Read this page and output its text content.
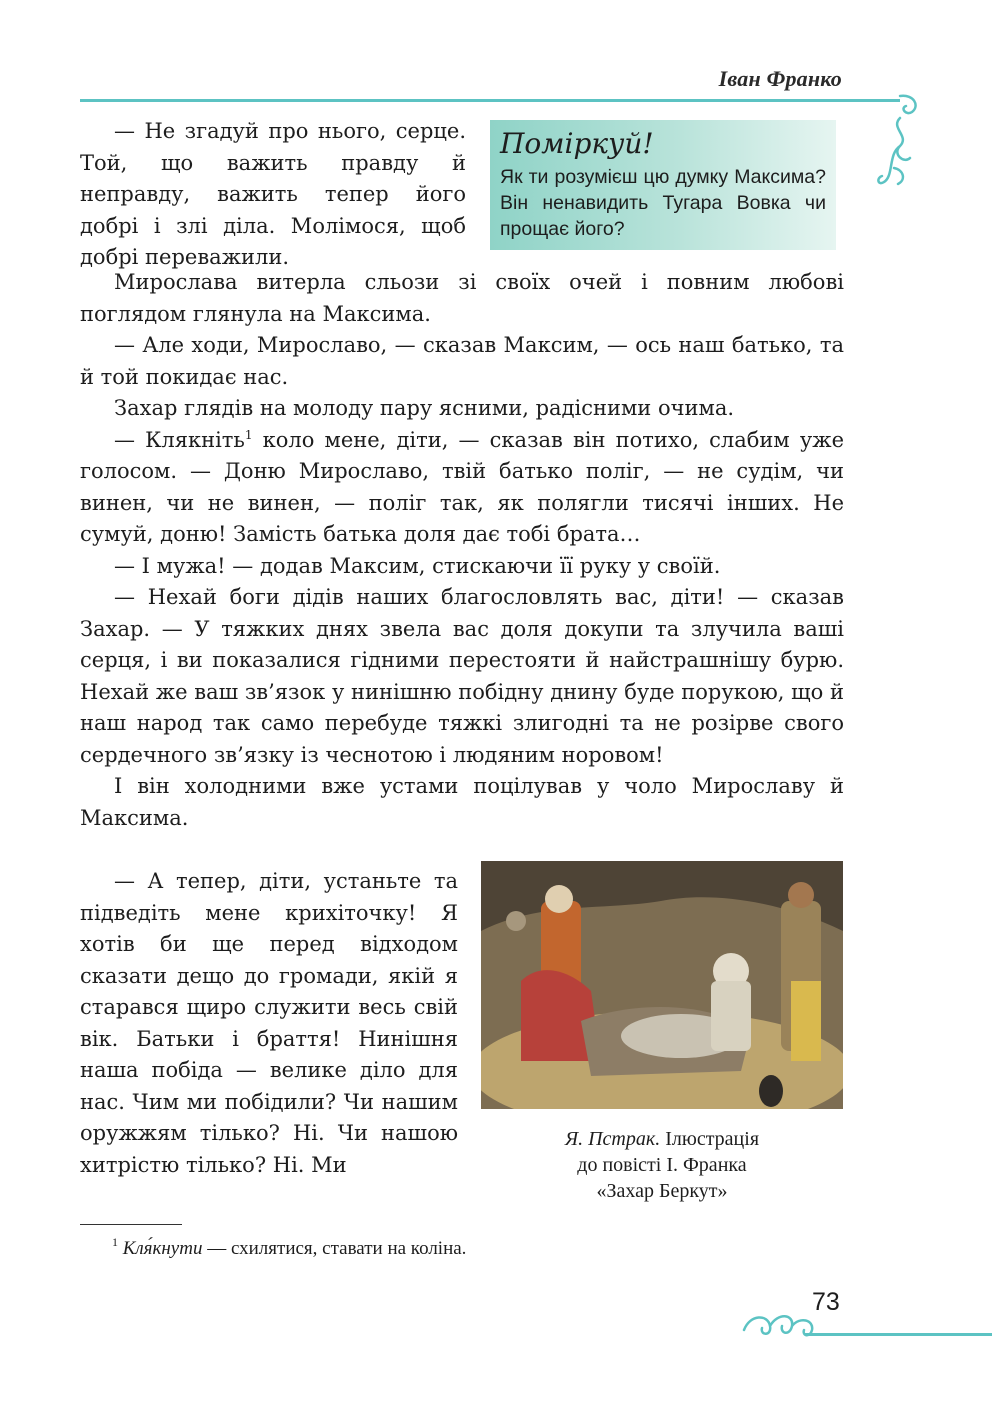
Іван Франко

— Не згадуй про нього, серце. Той, що важить правду й неправду, важить тепер його добрі і злі діла. Молімося, щоб добрі переважили.

Поміркуй!

Як ти розумієш цю думку Максима? Він ненавидить Тугара Вовка чи прощає його?

Мирослава витерла сльози зі своїх очей і повним любові поглядом глянула на Максима.

— Але ходи, Мирославо, — сказав Максим, — ось наш батько, та й той покидає нас.

Захар глядів на молоду пару ясними, радісними очима.

— Клякніть$^1$ коло мене, діти, — сказав він потихо, слабим уже голосом. — Доню Мирославо, твій батько поліг, — не судім, чи винен, чи не винен, — поліг так, як полягли тисячі інших. Не сумуй, доню! Замість батька доля дає тобі брата…

— І мужа! — додав Максим, стискаючи її руку у своїй.

— Нехай боги дідів наших благословлять вас, діти! — сказав Захар. — У тяжких днях звела вас доля докупи та злучила ваші серця, і ви показалися гідними перестояти й найстрашнішу бурю. Нехай же ваш зв’язок у нинішню побідну днину буде порукою, що й наш народ так само перебуде тяжкі злигодні та не розірве свого сердечного зв’язку із чеснотою і людяним норовом!

І він холодними вже устами поцілував у чоло Мирославу й Максима.

— А тепер, діти, устаньте та підведіть мене крихіточку! Я хотів би ще перед відходом сказати дещо до громади, якій я старався щиро служити весь свій вік. Батьки і браття! Нинішня наша побіда — велике діло для нас. Чим ми побідили? Чи нашим оружжям тілько? Ні. Чи нашою хитрістю тілько? Ні. Ми

Я. Пстрак. Ілюстрація
до повісті І. Франка
«Захар Беркут»
$^1$ Кля́кнути — схилятися, ставати на коліна.
73
